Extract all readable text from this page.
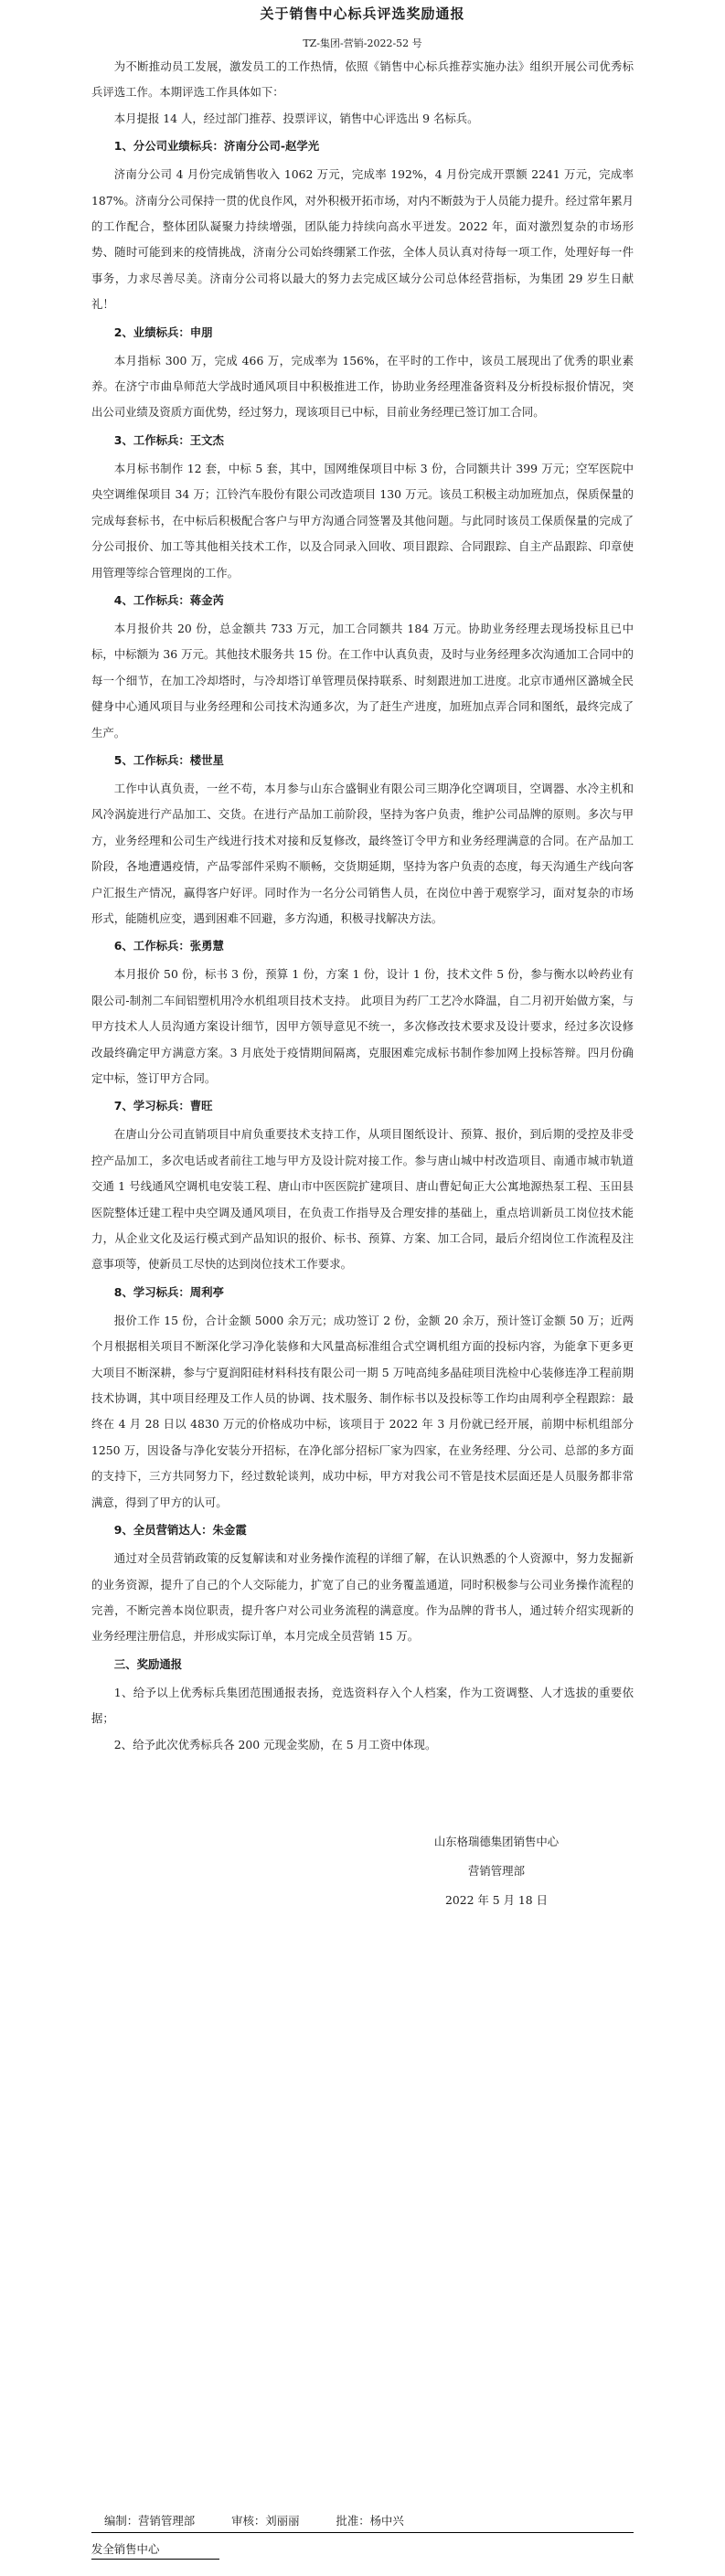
关于销售中心标兵评选奖励通报
TZ-集团-营销-2022-52 号

为不断推动员工发展，激发员工的工作热情，依照《销售中心标兵推荐实施办法》组织开展公司优秀标兵评选工作。本期评选工作具体如下：

本月提报 14 人，经过部门推荐、投票评议，销售中心评选出 9 名标兵。

1、分公司业绩标兵：济南分公司-赵学光

济南分公司 4 月份完成销售收入 1062 万元，完成率 192%，4 月份完成开票额 2241 万元，完成率 187%。济南分公司保持一贯的优良作风，对外积极开拓市场，对内不断鼓为于人员能力提升。经过常年累月的工作配合，整体团队凝聚力持续增强，团队能力持续向高水平迸发。2022 年，面对激烈复杂的市场形势、随时可能到来的疫情挑战，济南分公司始终绷紧工作弦，全体人员认真对待每一项工作，处理好每一件事务，力求尽善尽美。济南分公司将以最大的努力去完成区域分公司总体经营指标，为集团 29 岁生日献礼！

2、业绩标兵：申朋

本月指标 300 万，完成 466 万，完成率为 156%，在平时的工作中，该员工展现出了优秀的职业素养。在济宁市曲阜师范大学战时通风项目中积极推进工作，协助业务经理准备资料及分析投标报价情况，突出公司业绩及资质方面优势，经过努力，现该项目已中标，目前业务经理已签订加工合同。

3、工作标兵：王文杰

本月标书制作 12 套，中标 5 套，其中，国网维保项目中标 3 份，合同额共计 399 万元；空军医院中央空调维保项目 34 万；江铃汽车股份有限公司改造项目 130 万元。该员工积极主动加班加点，保质保量的完成每套标书，在中标后积极配合客户与甲方沟通合同签署及其他问题。与此同时该员工保质保量的完成了分公司报价、加工等其他相关技术工作，以及合同录入回收、项目跟踪、合同跟踪、自主产品跟踪、印章使用管理等综合管理岗的工作。

4、工作标兵：蒋金芮

本月报价共 20 份，总金额共 733 万元，加工合同额共 184 万元。协助业务经理去现场投标且已中标，中标额为 36 万元。其他技术服务共 15 份。在工作中认真负责，及时与业务经理多次沟通加工合同中的每一个细节，在加工冷却塔时，与冷却塔订单管理员保持联系、时刻跟进加工进度。北京市通州区潞城全民健身中心通风项目与业务经理和公司技术沟通多次，为了赶生产进度，加班加点弄合同和图纸，最终完成了生产。

5、工作标兵：楼世星

工作中认真负责，一丝不苟，本月参与山东合盛铜业有限公司三期净化空调项目，空调器、水冷主机和风冷涡旋进行产品加工、交货。在进行产品加工前阶段，坚持为客户负责，维护公司品牌的原则。多次与甲方，业务经理和公司生产线进行技术对接和反复修改，最终签订令甲方和业务经理满意的合同。在产品加工阶段，各地遭遇疫情，产品零部件采购不顺畅，交货期延期，坚持为客户负责的态度，每天沟通生产线向客户汇报生产情况，赢得客户好评。同时作为一名分公司销售人员，在岗位中善于观察学习，面对复杂的市场形式，能随机应变，遇到困难不回避，多方沟通，积极寻找解决方法。

6、工作标兵：张勇慧

本月报价 50 份，标书 3 份，预算 1 份，方案 1 份，设计 1 份，技术文件 5 份，参与衡水以岭药业有限公司-制剂二车间铝塑机用冷水机组项目技术支持。 此项目为药厂工艺冷水降温，自二月初开始做方案，与甲方技术人人员沟通方案设计细节，因甲方领导意见不统一，多次修改技术要求及设计要求，经过多次设修改最终确定甲方满意方案。3 月底处于疫情期间隔离，克服困难完成标书制作参加网上投标答辩。四月份确定中标，签订甲方合同。

7、学习标兵：曹旺

在唐山分公司直销项目中肩负重要技术支持工作，从项目图纸设计、预算、报价，到后期的受控及非受控产品加工，多次电话或者前往工地与甲方及设计院对接工作。参与唐山城中村改造项目、南通市城市轨道交通 1 号线通风空调机电安装工程、唐山市中医医院扩建项目、唐山曹妃甸正大公寓地源热泵工程、玉田县医院整体迁建工程中央空调及通风项目，在负责工作指导及合理安排的基础上，重点培训新员工岗位技术能力，从企业文化及运行模式到产品知识的报价、标书、预算、方案、加工合同，最后介绍岗位工作流程及注意事项等，使新员工尽快的达到岗位技术工作要求。

8、学习标兵：周利亭

报价工作 15 份，合计金额 5000 余万元；成功签订 2 份，金额 20 余万，预计签订金额 50 万；近两个月根据相关项目不断深化学习净化装修和大风量高标准组合式空调机组方面的投标内容，为能拿下更多更大项目不断深耕，参与宁夏润阳硅材料科技有限公司一期 5 万吨高纯多晶硅项目洗检中心装修连净工程前期技术协调，其中项目经理及工作人员的协调、技术服务、制作标书以及投标等工作均由周利亭全程跟踪：最终在 4 月 28 日以 4830 万元的价格成功中标，该项目于 2022 年 3 月份就已经开展，前期中标机组部分 1250 万，因设备与净化安装分开招标，在净化部分招标厂家为四家，在业务经理、分公司、总部的多方面的支持下，三方共同努力下，经过数轮谈判，成功中标，甲方对我公司不管是技术层面还是人员服务都非常满意，得到了甲方的认可。

9、全员营销达人：朱金霞

通过对全员营销政策的反复解读和对业务操作流程的详细了解，在认识熟悉的个人资源中，努力发掘新的业务资源，提升了自己的个人交际能力，扩宽了自己的业务覆盖通道，同时积极参与公司业务操作流程的完善，不断完善本岗位职责，提升客户对公司业务流程的满意度。作为品牌的背书人，通过转介绍实现新的业务经理注册信息，并形成实际订单，本月完成全员营销 15 万。

三、奖励通报

1、给予以上优秀标兵集团范围通报表扬，竞选资料存入个人档案，作为工资调整、人才选拔的重要依据；

2、给予此次优秀标兵各 200 元现金奖励，在 5 月工资中体现。

山东格瑞德集团销售中心
营销管理部
2022 年 5 月 18 日
编制：营销管理部	审核：刘丽丽	批准：杨中兴
发全销售中心
